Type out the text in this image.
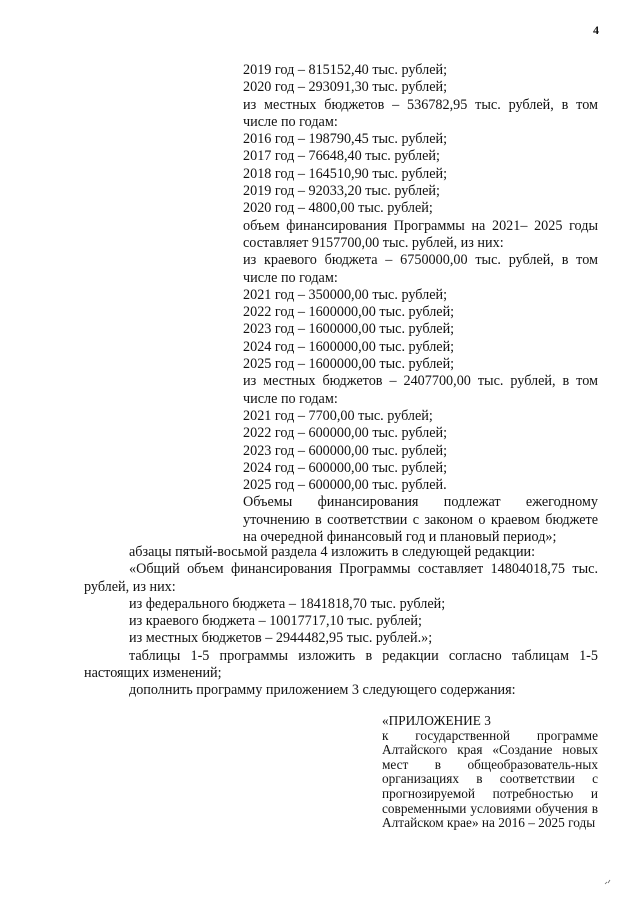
4
2019 год – 815152,40 тыс. рублей;
2020 год – 293091,30 тыс. рублей;
из местных бюджетов – 536782,95 тыс. рублей, в том числе по годам:
2016 год – 198790,45 тыс. рублей;
2017 год – 76648,40 тыс. рублей;
2018 год – 164510,90 тыс. рублей;
2019 год – 92033,20 тыс. рублей;
2020 год – 4800,00 тыс. рублей;
объем финансирования Программы на 2021– 2025 годы составляет 9157700,00 тыс. рублей, из них:
из краевого бюджета – 6750000,00 тыс. рублей, в том числе по годам:
2021 год – 350000,00 тыс. рублей;
2022 год – 1600000,00 тыс. рублей;
2023 год – 1600000,00 тыс. рублей;
2024 год – 1600000,00 тыс. рублей;
2025 год – 1600000,00 тыс. рублей;
из местных бюджетов – 2407700,00 тыс. рублей, в том числе по годам:
2021 год – 7700,00 тыс. рублей;
2022 год – 600000,00 тыс. рублей;
2023 год – 600000,00 тыс. рублей;
2024 год – 600000,00 тыс. рублей;
2025 год – 600000,00 тыс. рублей.
Объемы финансирования подлежат ежегодному уточнению в соответствии с законом о краевом бюджете на очередной финансовый год и плановый период»;
абзацы пятый-восьмой раздела 4 изложить в следующей редакции:
«Общий объем финансирования Программы составляет 14804018,75 тыс. рублей, из них:
из федерального бюджета – 1841818,70 тыс. рублей;
из краевого бюджета – 10017717,10 тыс. рублей;
из местных бюджетов – 2944482,95 тыс. рублей.»;
таблицы 1-5 программы изложить в редакции согласно таблицам 1-5 настоящих изменений;
дополнить программу приложением 3 следующего содержания:
«ПРИЛОЖЕНИЕ 3
к государственной программе Алтайского края «Создание новых мест в общеобразователь-ных организациях в соответствии с прогнозируемой потребностью и современными условиями обучения в Алтайском крае» на 2016 – 2025 годы
